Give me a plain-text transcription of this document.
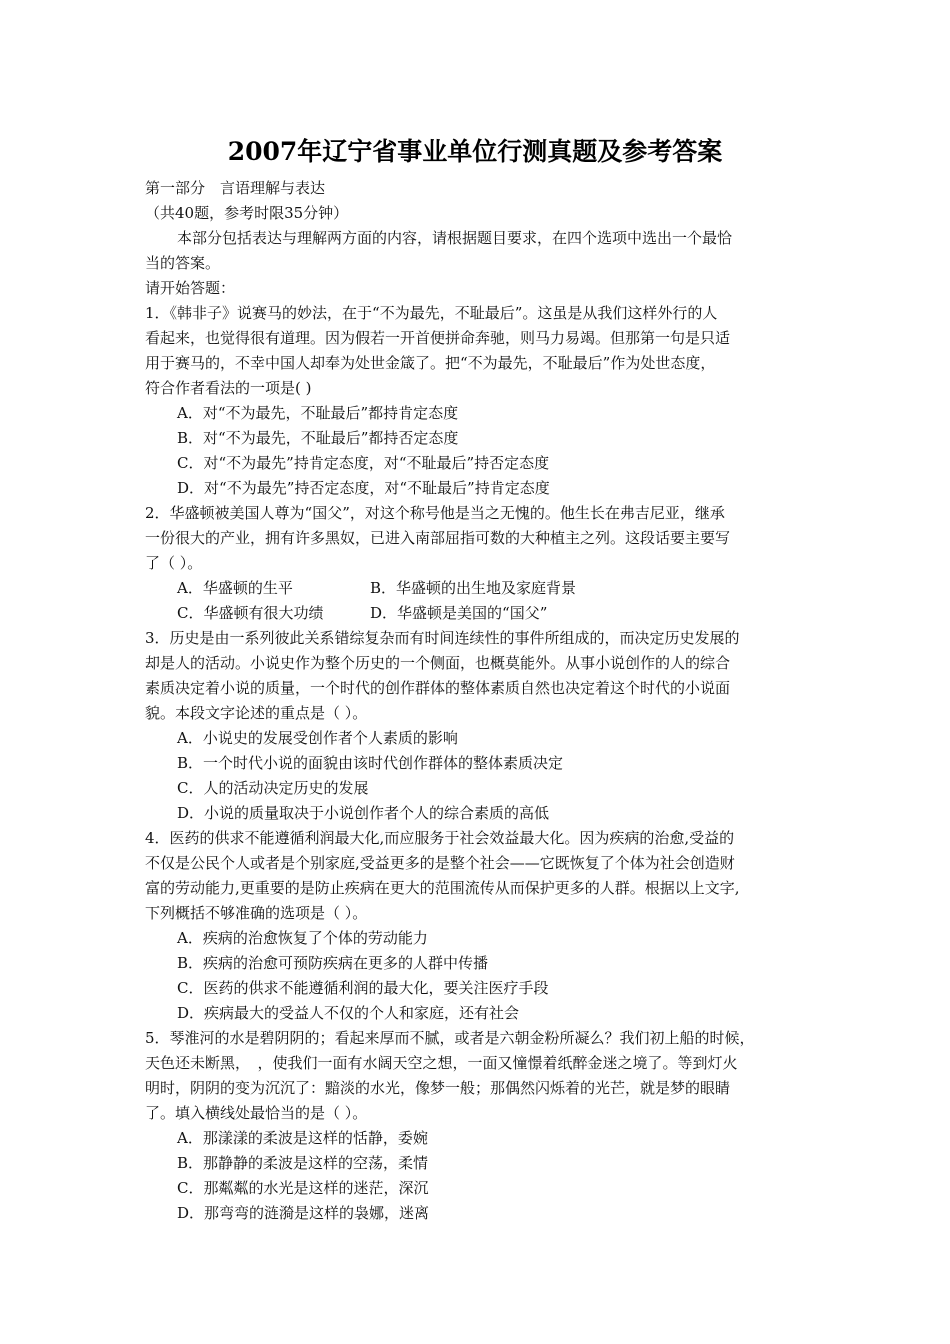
2007年辽宁省事业单位行测真题及参考答案
第一部分　言语理解与表达
（共40题，参考时限35分钟）
本部分包括表达与理解两方面的内容，请根据题目要求，在四个选项中选出一个最恰
当的答案。
请开始答题：
1．《韩非子》说赛马的妙法，在于“不为最先，不耻最后”。这虽是从我们这样外行的人
看起来，也觉得很有道理。因为假若一开首便拼命奔驰，则马力易竭。但那第一句是只适
用于赛马的，不幸中国人却奉为处世金箴了。把“不为最先，不耻最后”作为处世态度，
符合作者看法的一项是( )
A．对“不为最先，不耻最后”都持肯定态度
B．对“不为最先，不耻最后”都持否定态度
C．对“不为最先”持肯定态度，对“不耻最后”持否定态度
D．对“不为最先”持否定态度，对“不耻最后”持肯定态度
2．华盛顿被美国人尊为“国父”，对这个称号他是当之无愧的。他生长在弗吉尼亚，继承
一份很大的产业，拥有许多黑奴，已进入南部屈指可数的大种植主之列。这段话要主要写
了（ ）。
A．华盛顿的生平	B．华盛顿的出生地及家庭背景
C．华盛顿有很大功绩	D．华盛顿是美国的“国父”
3．历史是由一系列彼此关系错综复杂而有时间连续性的事件所组成的，而决定历史发展的
却是人的活动。小说史作为整个历史的一个侧面，也概莫能外。从事小说创作的人的综合
素质决定着小说的质量，一个时代的创作群体的整体素质自然也决定着这个时代的小说面
貌。本段文字论述的重点是（ ）。
A．小说史的发展受创作者个人素质的影响
B．一个时代小说的面貌由该时代创作群体的整体素质决定
C．人的活动决定历史的发展
D．小说的质量取决于小说创作者个人的综合素质的高低
4．医药的供求不能遵循利润最大化,而应服务于社会效益最大化。因为疾病的治愈,受益的
不仅是公民个人或者是个别家庭,受益更多的是整个社会——它既恢复了个体为社会创造财
富的劳动能力,更重要的是防止疾病在更大的范围流传从而保护更多的人群。根据以上文字,
下列概括不够准确的选项是（ ）。
A．疾病的治愈恢复了个体的劳动能力
B．疾病的治愈可预防疾病在更多的人群中传播
C．医药的供求不能遵循利润的最大化，要关注医疗手段
D．疾病最大的受益人不仅的个人和家庭，还有社会
5．琴淮河的水是碧阴阴的；看起来厚而不腻，或者是六朝金粉所凝么？我们初上船的时候，
天色还未断黑，　，使我们一面有水阔天空之想，一面又憧憬着纸醉金迷之境了。等到灯火
明时，阴阴的变为沉沉了：黯淡的水光，像梦一般；那偶然闪烁着的光芒，就是梦的眼睛
了。填入横线处最恰当的是（ ）。
A．那漾漾的柔波是这样的恬静，委婉
B．那静静的柔波是这样的空荡，柔情
C．那粼粼的水光是这样的迷茫，深沉
D．那弯弯的涟漪是这样的袅娜，迷离
